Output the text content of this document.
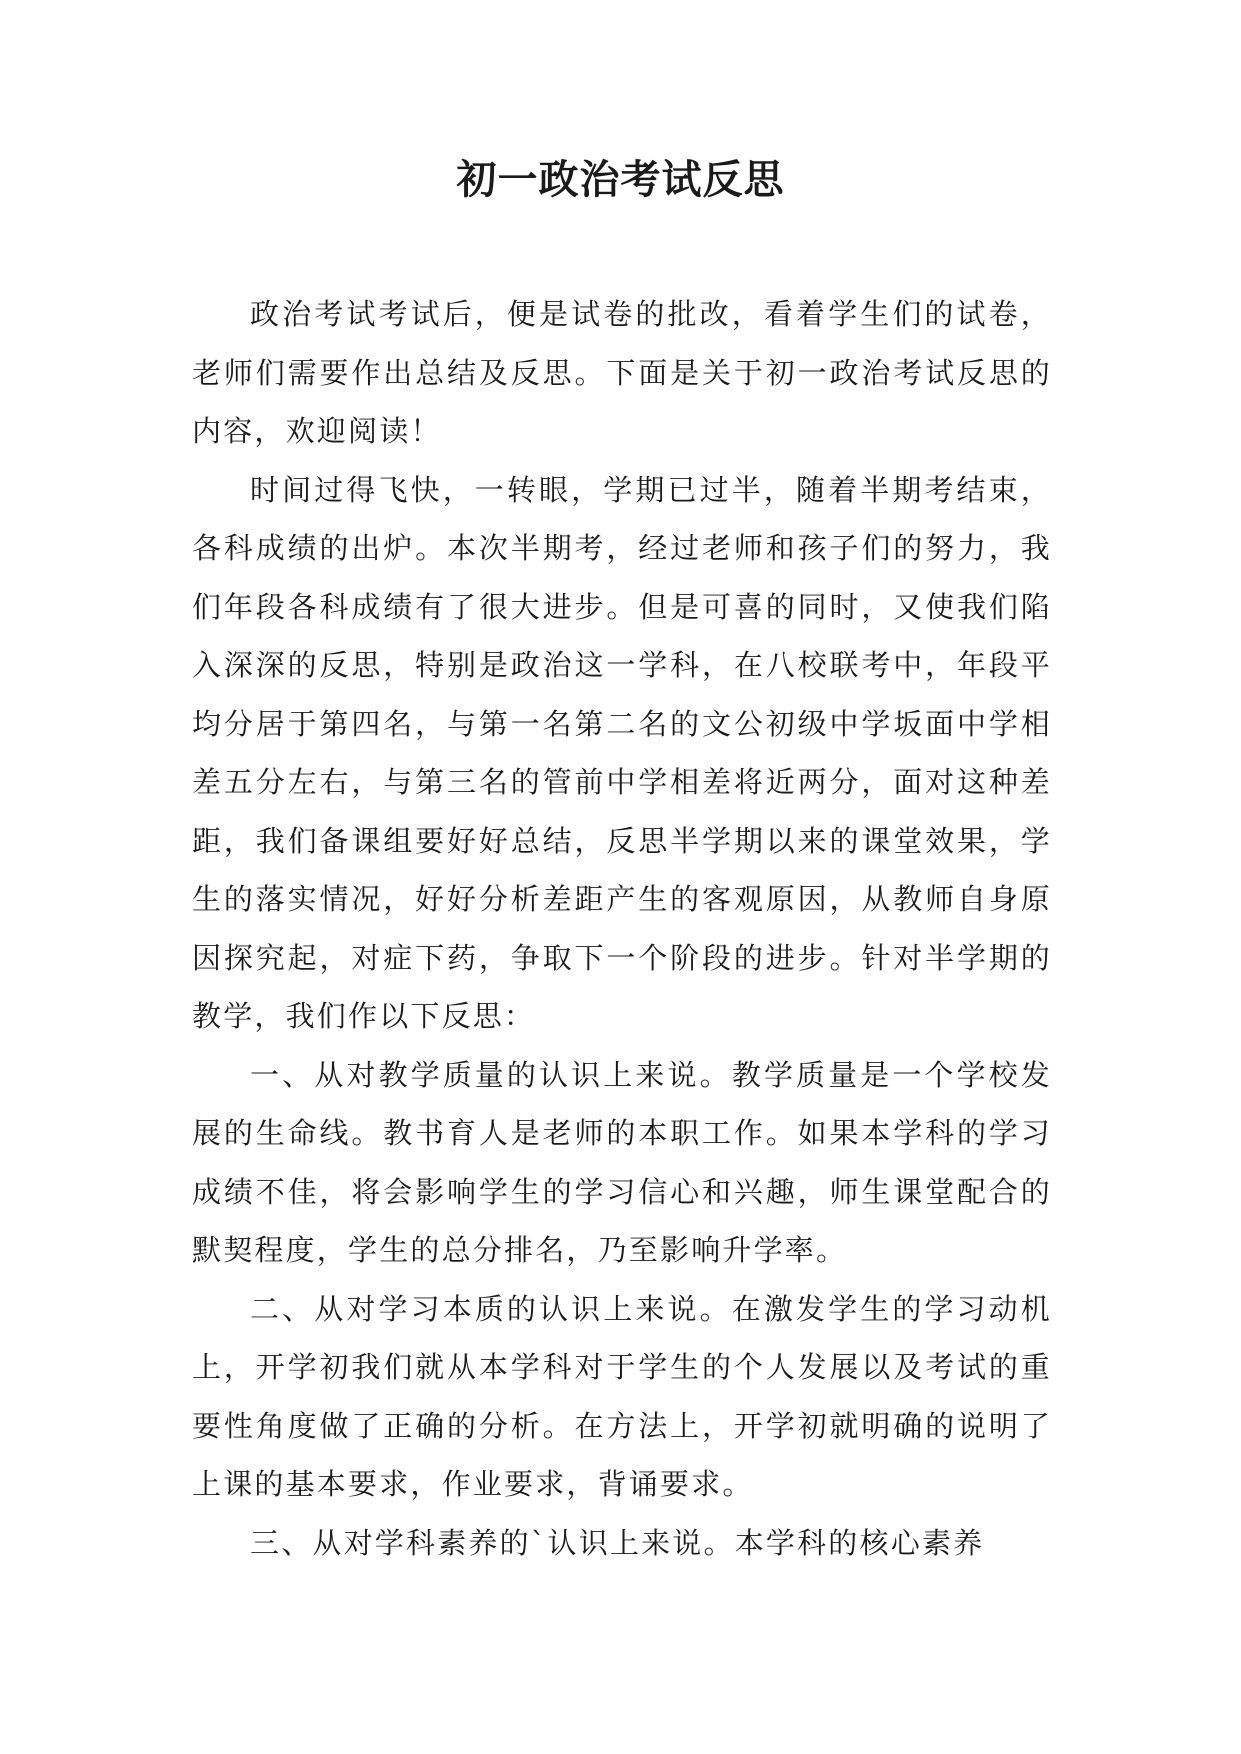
初一政治考试反思

政治考试考试后，便是试卷的批改，看着学生们的试卷，老师们需要作出总结及反思。下面是关于初一政治考试反思的内容，欢迎阅读！

时间过得飞快，一转眼，学期已过半，随着半期考结束，各科成绩的出炉。本次半期考，经过老师和孩子们的努力，我们年段各科成绩有了很大进步。但是可喜的同时，又使我们陷入深深的反思，特别是政治这一学科，在八校联考中，年段平均分居于第四名，与第一名第二名的文公初级中学坂面中学相差五分左右，与第三名的管前中学相差将近两分，面对这种差距，我们备课组要好好总结，反思半学期以来的课堂效果，学生的落实情况，好好分析差距产生的客观原因，从教师自身原因探究起，对症下药，争取下一个阶段的进步。针对半学期的教学，我们作以下反思：

一、从对教学质量的认识上来说。教学质量是一个学校发展的生命线。教书育人是老师的本职工作。如果本学科的学习成绩不佳，将会影响学生的学习信心和兴趣，师生课堂配合的默契程度，学生的总分排名，乃至影响升学率。

二、从对学习本质的认识上来说。在激发学生的学习动机上，开学初我们就从本学科对于学生的个人发展以及考试的重要性角度做了正确的分析。在方法上，开学初就明确的说明了上课的基本要求，作业要求，背诵要求。

三、从对学科素养的`认识上来说。本学科的核心素养
